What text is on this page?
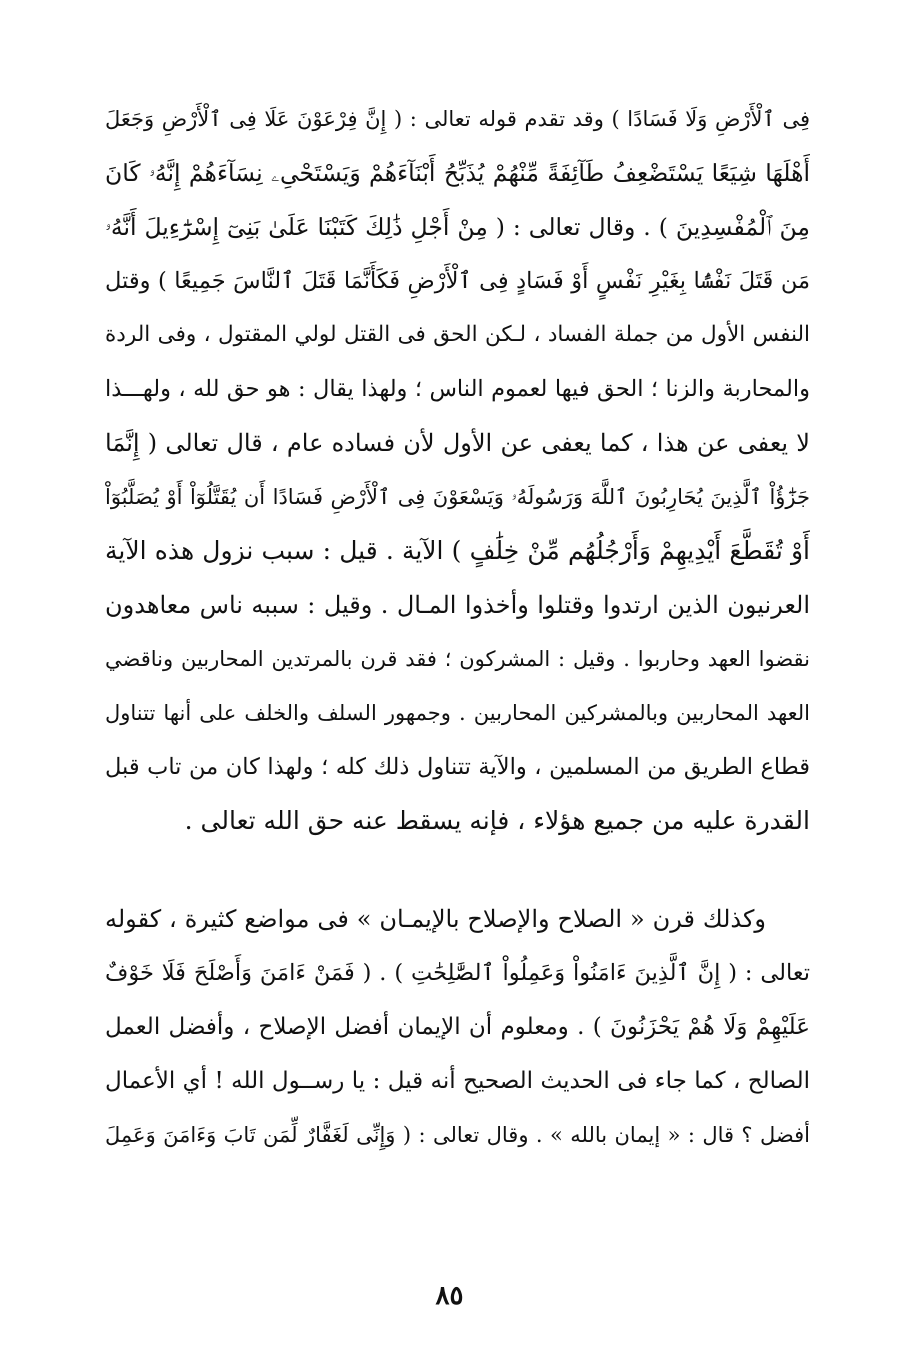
فِى ٱلْأَرْضِ وَلَا فَسَادًا ) وقد تقدم قوله تعالى : ( إِنَّ فِرْعَوْنَ عَلَا فِى ٱلْأَرْضِ وَجَعَلَ
أَهْلَهَا شِيَعًا يَسْتَضْعِفُ طَآئِفَةً مِّنْهُمْ يُذَبِّحُ أَبْنَآءَهُمْ وَيَسْتَحْىِۦ نِسَآءَهُمْ إِنَّهُۥ كَانَ
مِنَ ٱلْمُفْسِدِينَ ) . وقال تعالى : ( مِنْ أَجْلِ ذَٰلِكَ كَتَبْنَا عَلَىٰ بَنِىٓ إِسْرَٰٓءِيلَ أَنَّهُۥ
مَن قَتَلَ نَفْسًۢا بِغَيْرِ نَفْسٍ أَوْ فَسَادٍ فِى ٱلْأَرْضِ فَكَأَنَّمَا قَتَلَ ٱلنَّاسَ جَمِيعًا ) وقتل
النفس الأول من جملة الفساد ، لـكن الحق فى القتل لولي المقتول ، وفى الردة
والمحاربة والزنا ؛ الحق فيها لعموم الناس ؛ ولهذا يقال : هو حق لله ، ولهـــذا
لا يعفى عن هذا ، كما يعفى عن الأول لأن فساده عام ، قال تعالى ( إِنَّمَا
جَزَٰٓؤُاْ ٱلَّذِينَ يُحَارِبُونَ ٱللَّهَ وَرَسُولَهُۥ وَيَسْعَوْنَ فِى ٱلْأَرْضِ فَسَادًا أَن يُقَتَّلُوٓاْ أَوْ يُصَلَّبُوٓاْ
أَوْ تُقَطَّعَ أَيْدِيهِمْ وَأَرْجُلُهُم مِّنْ خِلَٰفٍ ) الآية . قيل : سبب نزول هذه الآية
العرنيون الذين ارتدوا وقتلوا وأخذوا المـال . وقيل : سببه ناس معاهدون
نقضوا العهد وحاربوا . وقيل : المشركون ؛ فقد قرن بالمرتدين المحاربين وناقضي
العهد المحاربين وبالمشركين المحاربين . وجمهور السلف والخلف على أنها تتناول
قطاع الطريق من المسلمين ، والآية تتناول ذلك كله ؛ ولهذا كان من تاب قبل
القدرة عليه من جميع هؤلاء ، فإنه يسقط عنه حق الله تعالى .
وكذلك قرن « الصلاح والإصلاح بالإيمـان » فى مواضع كثيرة ، كقوله
تعالى : ( إِنَّ ٱلَّذِينَ ءَامَنُواْ وَعَمِلُواْ ٱلصَّٰلِحَٰتِ ) . ( فَمَنْ ءَامَنَ وَأَصْلَحَ فَلَا خَوْفٌ
عَلَيْهِمْ وَلَا هُمْ يَحْزَنُونَ ) . ومعلوم أن الإيمان أفضل الإصلاح ، وأفضل العمل
الصالح ، كما جاء فى الحديث الصحيح أنه قيل : يا رســول الله ! أي الأعمال
أفضل ؟ قال : « إيمان بالله » . وقال تعالى : ( وَإِنِّى لَغَفَّارٌ لِّمَن تَابَ وَءَامَنَ وَعَمِلَ
٨٥
